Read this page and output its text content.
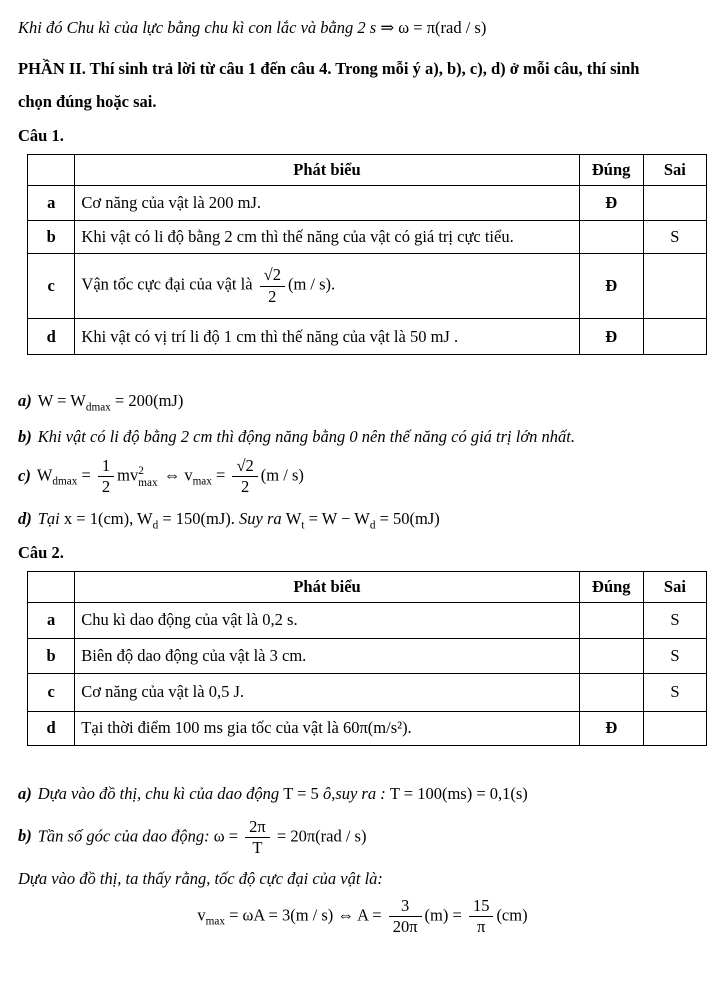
Khi đó Chu kì của lực bằng chu kì con lắc và bằng 2 s ⇒ ω = π(rad / s)

PHẦN II. Thí sinh trả lời từ câu 1 đến câu 4. Trong mỗi ý a), b), c), d) ở mỗi câu, thí sinh
chọn đúng hoặc sai.

Câu 1.

	Phát biểu	Đúng	Sai
a	Cơ năng của vật là 200 mJ.	Đ	
b	Khi vật có li độ bằng 2 cm thì thế năng của vật có giá trị cực tiểu.		S
c	Vận tốc cực đại của vật là $\frac{√2}{2} (m / s)$.	Đ	
d	Khi vật có vị trí li độ 1 cm thì thế năng của vật là 50 mJ .	Đ	

a) $W = W_{dmax} = 200(mJ)$

b) Khi vật có li độ bằng 2 cm thì động năng bằng 0 nên thế năng có giá trị lớn nhất.

c) $W_{dmax} = \frac{1}{2}$ mv 2
max ⇔ $v_{max} = \frac{√2}{2} (m / s)$

d) Tại x = 1(cm), $W_d = 150(mJ)$. Suy ra $W_t = W - W_d = 50(mJ)$

Câu 2.

	Phát biểu	Đúng	Sai
a	Chu kì dao động của vật là 0,2 s.		S
b	Biên độ dao động của vật là 3 cm.		S
c	Cơ năng của vật là 0,5 J.		S
d	Tại thời điểm 100 ms gia tốc của vật là 60π(m/s²).	Đ	

a) Dựa vào đồ thị, chu kì của dao động T = 5 ô,suy ra : T = 100(ms) = 0,1(s)

b) Tần số góc của dao động: $\omega = \frac{2\pi}{T} = 20\pi(rad / s)$

Dựa vào đồ thị, ta thấy rằng, tốc độ cực đại của vật là:

$v_{max} = \omega A = 3(m / s)$ ⇔ $A = \frac{3}{20\pi} (m) = \frac{15}{\pi} (cm)$
